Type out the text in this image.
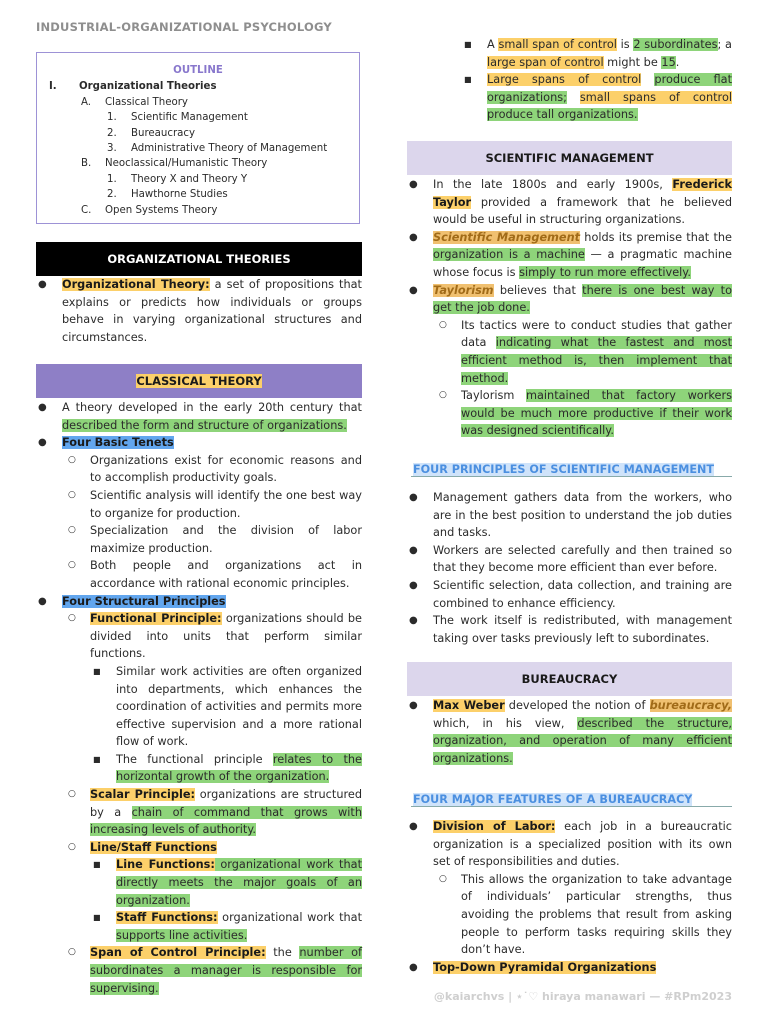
INDUSTRIAL-ORGANIZATIONAL PSYCHOLOGY
OUTLINE
I. Organizational Theories
A. Classical Theory
1. Scientific Management
2. Bureaucracy
3. Administrative Theory of Management
B. Neoclassical/Humanistic Theory
1. Theory X and Theory Y
2. Hawthorne Studies
C. Open Systems Theory
ORGANIZATIONAL THEORIES
● Organizational Theory: a set of propositions that explains or predicts how individuals or groups behave in varying organizational structures and circumstances.
CLASSICAL THEORY
● A theory developed in the early 20th century that described the form and structure of organizations.
● Four Basic Tenets
○ Organizations exist for economic reasons and to accomplish productivity goals.
○ Scientific analysis will identify the one best way to organize for production.
○ Specialization and the division of labor maximize production.
○ Both people and organizations act in accordance with rational economic principles.
● Four Structural Principles
○ Functional Principle: organizations should be divided into units that perform similar functions.
■ Similar work activities are often organized into departments, which enhances the coordination of activities and permits more effective supervision and a more rational flow of work.
■ The functional principle relates to the horizontal growth of the organization.
○ Scalar Principle: organizations are structured by a chain of command that grows with increasing levels of authority.
○ Line/Staff Functions
■ Line Functions: organizational work that directly meets the major goals of an organization.
■ Staff Functions: organizational work that supports line activities.
○ Span of Control Principle: the number of subordinates a manager is responsible for supervising.
■ A small span of control is 2 subordinates; a large span of control might be 15.
■ Large spans of control produce flat organizations; small spans of control produce tall organizations.
SCIENTIFIC MANAGEMENT
● In the late 1800s and early 1900s, Frederick Taylor provided a framework that he believed would be useful in structuring organizations.
● Scientific Management holds its premise that the organization is a machine — a pragmatic machine whose focus is simply to run more effectively.
● Taylorism believes that there is one best way to get the job done.
○ Its tactics were to conduct studies that gather data indicating what the fastest and most efficient method is, then implement that method.
○ Taylorism maintained that factory workers would be much more productive if their work was designed scientifically.
FOUR PRINCIPLES OF SCIENTIFIC MANAGEMENT
● Management gathers data from the workers, who are in the best position to understand the job duties and tasks.
● Workers are selected carefully and then trained so that they become more efficient than ever before.
● Scientific selection, data collection, and training are combined to enhance efficiency.
● The work itself is redistributed, with management taking over tasks previously left to subordinates.
BUREAUCRACY
● Max Weber developed the notion of bureaucracy, which, in his view, described the structure, organization, and operation of many efficient organizations.
FOUR MAJOR FEATURES OF A BUREAUCRACY
● Division of Labor: each job in a bureaucratic organization is a specialized position with its own set of responsibilities and duties.
○ This allows the organization to take advantage of individuals’ particular strengths, thus avoiding the problems that result from asking people to perform tasks requiring skills they don’t have.
● Top-Down Pyramidal Organizations
@kaiarchvs | ⋆˙♡ hiraya manawari — #RPm2023
